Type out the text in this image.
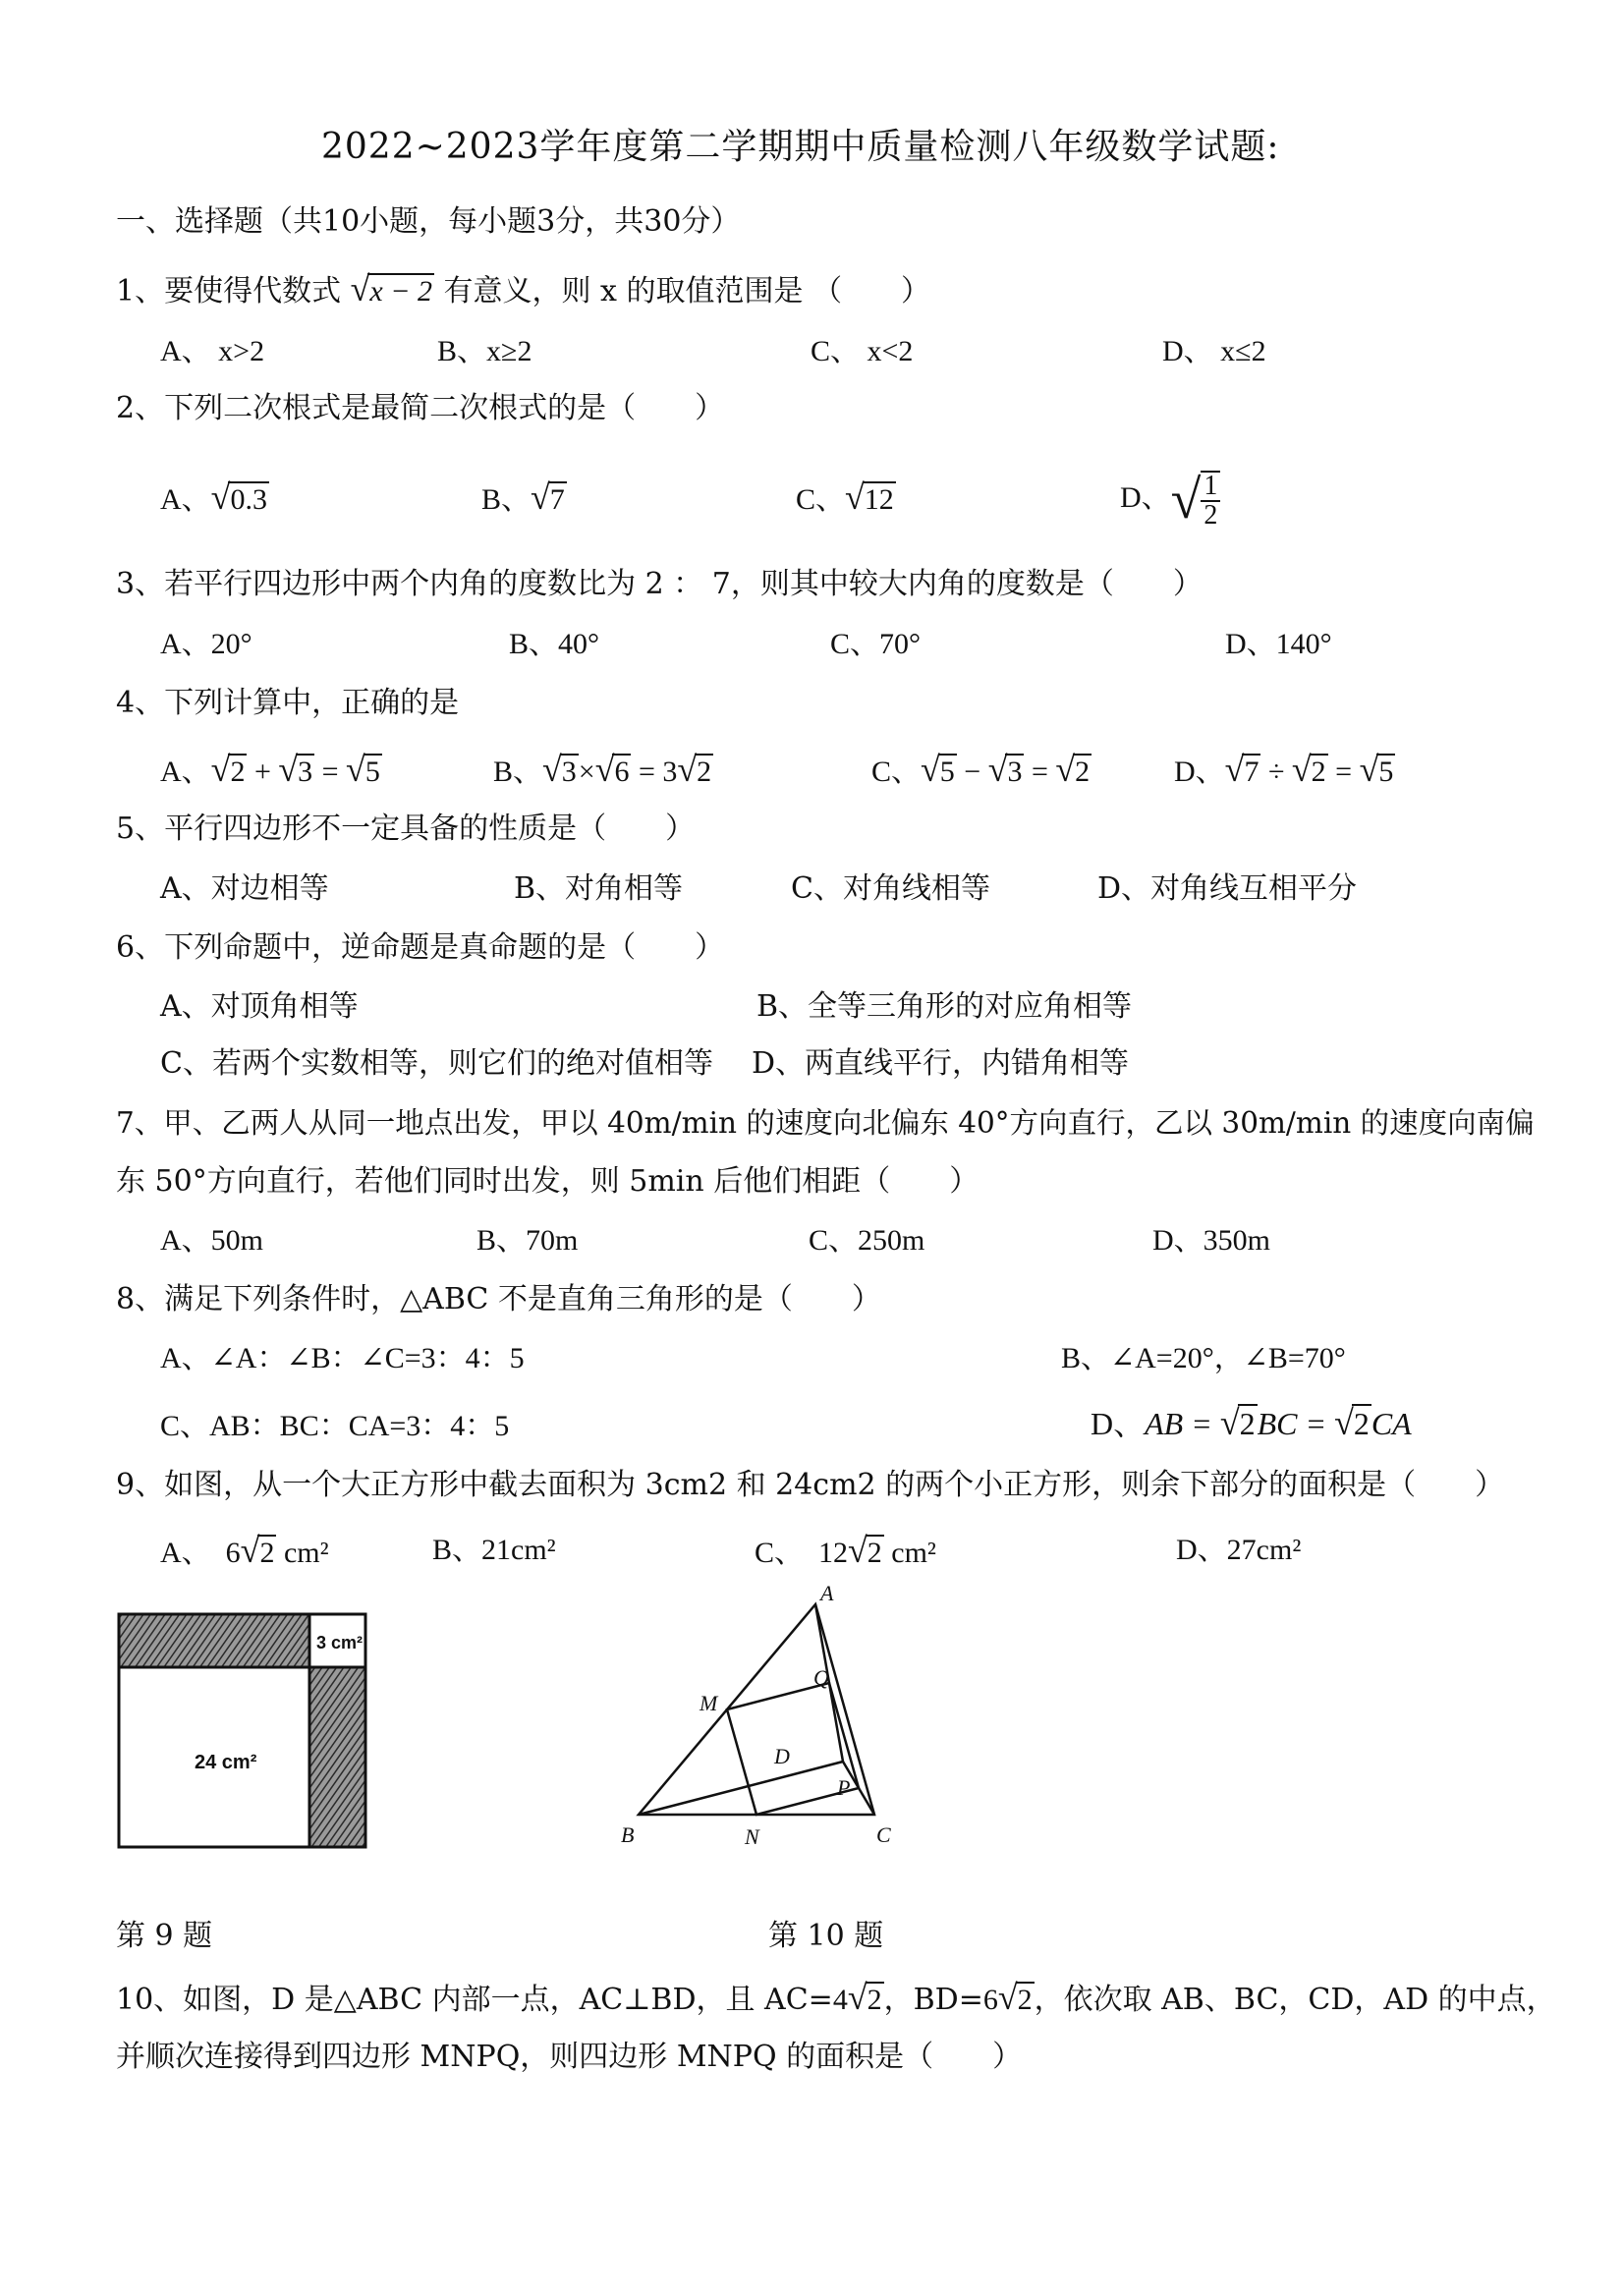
2022~2023学年度第二学期期中质量检测八年级数学试题:
一、选择题（共10小题，每小题3分，共30分）
1、要使得代数式 √x − 2 有意义，则 x 的取值范围是 （　　）
A、 x>2	B、x≥2	C、 x<2	D、 x≤2
2、下列二次根式是最简二次根式的是（　　）
A、√0.3	B、√7	C、√12	D、√ $\frac{1}{2}$
3、若平行四边形中两个内角的度数比为 2 ： 7，则其中较大内角的度数是（　　）
A、20°	B、40°	C、70°	D、140°
4、下列计算中，正确的是
A、√2 + √3 = √5	B、√3×√6 = 3√2	C、√5 − √3 = √2	D、√7 ÷ √2 = √5
5、平行四边形不一定具备的性质是（　　）
A、对边相等	B、对角相等	C、对角线相等	D、对角线互相平分
6、下列命题中，逆命题是真命题的是（　　）
A、对顶角相等	B、全等三角形的对应角相等
C、若两个实数相等，则它们的绝对值相等 D、两直线平行，内错角相等
7、甲、乙两人从同一地点出发，甲以 40m/min 的速度向北偏东 40°方向直行，乙以 30m/min 的速度向南偏
东 50°方向直行，若他们同时出发，则 5min 后他们相距（　　）
A、50m	B、70m	C、250m	D、350m
8、满足下列条件时，△ABC 不是直角三角形的是（　　）
A、∠A：∠B：∠C=3：4：5	B、∠A=20°，∠B=70°
C、AB：BC：CA=3：4：5	D、AB = √2BC = √2CA
9、如图，从一个大正方形中截去面积为 3cm2 和 24cm2 的两个小正方形，则余下部分的面积是（　　）
A、 6√2 cm²	B、21cm²	C、 12√2 cm²	D、27cm²
3 cm²
24 cm²
第 9 题
A
B	C
D
M
N
P
Q
第 10 题
10、如图，D 是△ABC 内部一点，AC⊥BD，且 AC=4√2，BD=6√2，依次取 AB、BC，CD，AD 的中点，
并顺次连接得到四边形 MNPQ，则四边形 MNPQ 的面积是（　　）
